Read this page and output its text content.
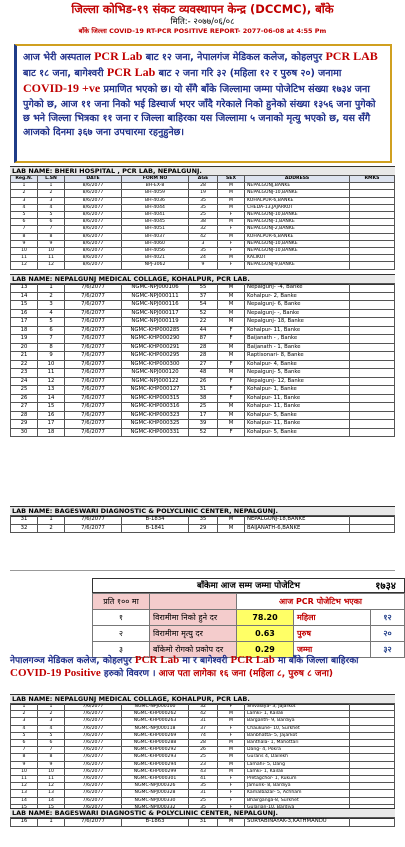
जिल्ला कोभिड-१९ संकट व्यवस्थापन केन्द्र (DCCMC), बाँके
मिति:- २०७७/०६/०८
बाँके जिल्ला COVID-19 RT-PCR POSITIVE REPORT- 2077-06-08 at 4:55 Pm
आज भेरी अस्पताल PCR Lab बाट १२ जना, नेपालगंज मेडिकल कलेज, कोहलपुर PCR LAB बाट १८ जना, बागेश्वरी PCR Lab बाट २ जना गरि ३२ (महिला १२ र पुरुष २०) जनामा COVID-19 +ve प्रमाणित भएको छ। यो सँगै बाँके जिल्लामा जम्मा पोजेटिभ संख्या १७३४ जना पुगेको छ, आज ११ जना निको भई डिस्चार्ज भएर जाँदै गरेकाले निको हुनेको संख्या १३५६ जना पुगेको छ भने जिल्ला भित्रका ११ जना र जिल्ला बाहिरका यस जिल्लामा ५ जनाको मृत्यु भएको छ, यस सँगै आजको दिनमा ३६७ जना उपचारमा रहनुहुनेछ।
LAB NAME: BHERI HOSPITAL , PCR LAB, NEPALGUNJ.
Reg.N.	L.SN	DATE	FORM NO	AGE	SEX	ADDRESS	RMKS
1	1	8/6/2077	BH-EX-8	28	M	NEPALGUNJ,BANKE	
2	2	8/6/2077	BH-4059	19	M	NEPALGUNJ-10,BANKE	
3	3	8/6/2077	BH-4036	35	M	KOHALPUR-6,BANKE	
4	4	8/6/2077	BH-4044	35	M	CHEDA-13,JAJARKOT	
5	5	8/6/2077	BH-4041	25	F	NEPALGUNJ-10,BANKE	
6	6	8/6/2077	BH-4045	38	M	NEPALGUNJ-1,BANKE	
7	7	8/6/2077	BH-4051	32	F	NEPALGUNJ-2,BANKE	
8	8	8/6/2077	BH-4037	42	M	KOHALPUR-6,BANKE	
9	9	8/6/2077	BH-4060	3	F	NEPALGUNJ-10,BANKE	
10	10	8/6/2077	BH-4056	35	F	NEPALGUNJ-10,BANKE	
11	11	8/6/2077	BH-4021	24	M	KALIKOT	
12	12	8/6/2077	NPJ-3062	9	F	NEPALGUNJ-9,BANKE	
LAB NAME: NEPALGUNJ MEDICAL COLLAGE, KOHALPUR, PCR LAB.
13	1	7/6/2077	NGMC-NPJ000106	55	M	Nepalgunj- -4, Banke	
14	2	7/6/2077	NGMC-NPJ000111	37	M	Kohalpur- 2, Banke	
15	3	7/6/2077	NGMC-NPJ000116	54	M	Nepalgunj- 6, Banke	
16	4	7/6/2077	NGMC-NPJ000117	52	M	Nepalgunj- -, Banke	
17	5	7/6/2077	NGMC-NPJ000119	22	M	Nepalgunj- 18, Banke	
18	6	7/6/2077	NGMC-KHP000285	44	F	Kohalpur- 11, Banke	
19	7	7/6/2077	NGMC-KHP000290	87	F	Baijanath - , Banke	
20	8	7/6/2077	NGMC-KHP000291	28	M	Baijanath - 1, Banke	
21	9	7/6/2077	NGMC-KHP000295	28	M	Raptisonari- 8, Banke	
22	10	7/6/2077	NGMC-KHP000300	27	F	Kohalpur- 4, Banke	
23	11	7/6/2077	NGMC-NPJ000120	48	M	Nepalgunj- 5, Banke	
24	12	7/6/2077	NGMC-NPJ000122	26	F	Nepalgunj- 12, Banke	
25	13	7/6/2077	NGMC-KHP000127	31	F	Kohalpur- 1, Banke	
26	14	7/6/2077	NGMC-KHP000315	38	F	Kohalpur- 11, Banke	
27	15	7/6/2077	NGMC-KHP000316	25	M	Kohalpur- 11, Banke	
28	16	7/6/2077	NGMC-KHP000323	17	M	Kohalpur- 5, Banke	
29	17	7/6/2077	NGMC-KHP000325	39	M	Kohalpur- 11, Banke	
30	18	7/6/2077	NGMC-KHP000331	52	F	Kohalpur- 5, Banke	
LAB NAME: BAGESWARI DIAGNOSTIC & POLYCLINIC CENTER, NEPALGUNJ.
31	1	7/6/2077	B-1834	35	M	NEPALGUNJ-18,BANKE	
32	2	7/6/2077	B-1841	29	M	BAIJANATH-6,BANKE	
बाँकेमा आज सम्म जम्मा पोजेटिभ	१७३४
प्रति १०० मा		आज PCR पोजेटिभ भएका		
१	विरामीमा निको हुने दर	78.20	महिला	१२
२	विरामीमा मृत्यु दर	0.63	पुरुष	२०
३	बाँकेमो रोगको प्रकोप दर	0.29	जम्मा	३२
नेपालगञ्ज मेडिकल कलेज, कोहलपुर PCR Lab मा र बागेश्वरी PCR Lab मा बाँके जिल्ला बाहिरका COVID-19 Positive हरुको विवरण । आज पता लागेका १६ जना (महिला ८, पुरुष ८ जना)
LAB NAME: NEPALGUNJ MEDICAL COLLAGE, KOHALPUR, PCR LAB.
1	1	7/6/2077	NGMC-NPJ000100	32	F	Shivalaya- 3, Jajarkot	
2	2	7/6/2077	NGMC-KHP000262	42	M	Lamki- 1, Kailali	
3	3	7/6/2077	NGMC-KHP000263	31	M	Barganth- 9, Bardiya	
4	4	7/6/2077	NGMC-NPJ000118	37	F	Chaukune- 10, Surkhet	
5	5	7/6/2077	NGMC-KHP000269	74	F	Banbhatta- 5, Jajarkot	
6	6	7/6/2077	NGMC-KHP000288	28	M	Banthala- 1, Mahottari	
7	7	7/6/2077	NGMC-KHP000292	26	M	Dang- 4, Pokra	
8	8	7/6/2077	NGMC-KHP000293	25	M	Gurans 4, Dailekh	
9	9	7/6/2077	NGMC-KHP000294	23	M	Lamahi- 5, Dang	
10	10	7/6/2077	NGMC-KHP000299	43	M	Lamki- 1, Kailali	
11	11	7/6/2077	NGMC-KHP000301	41	F	Pretagchor- 1, Rukum	
12	12	7/6/2077	NGMC-NPJ000326	35	F	Jamunk- 8, Bardiya	
13	13	7/6/2077	NGMC-NPJ000328	31	F	Kamalbazar- 5, Achham	
14	14	7/6/2077	NGMC-NPJ000330	25	F	Bhairganga-8, Surkhet	

LAB NAME: BAGESWARI DIAGNOSTIC & POLYCLINIC CENTER, NEPALGUNJ.
16	1	7/6/2077	B-1863	31	M	SURYABINAYAK-3,KATHMANDU	
